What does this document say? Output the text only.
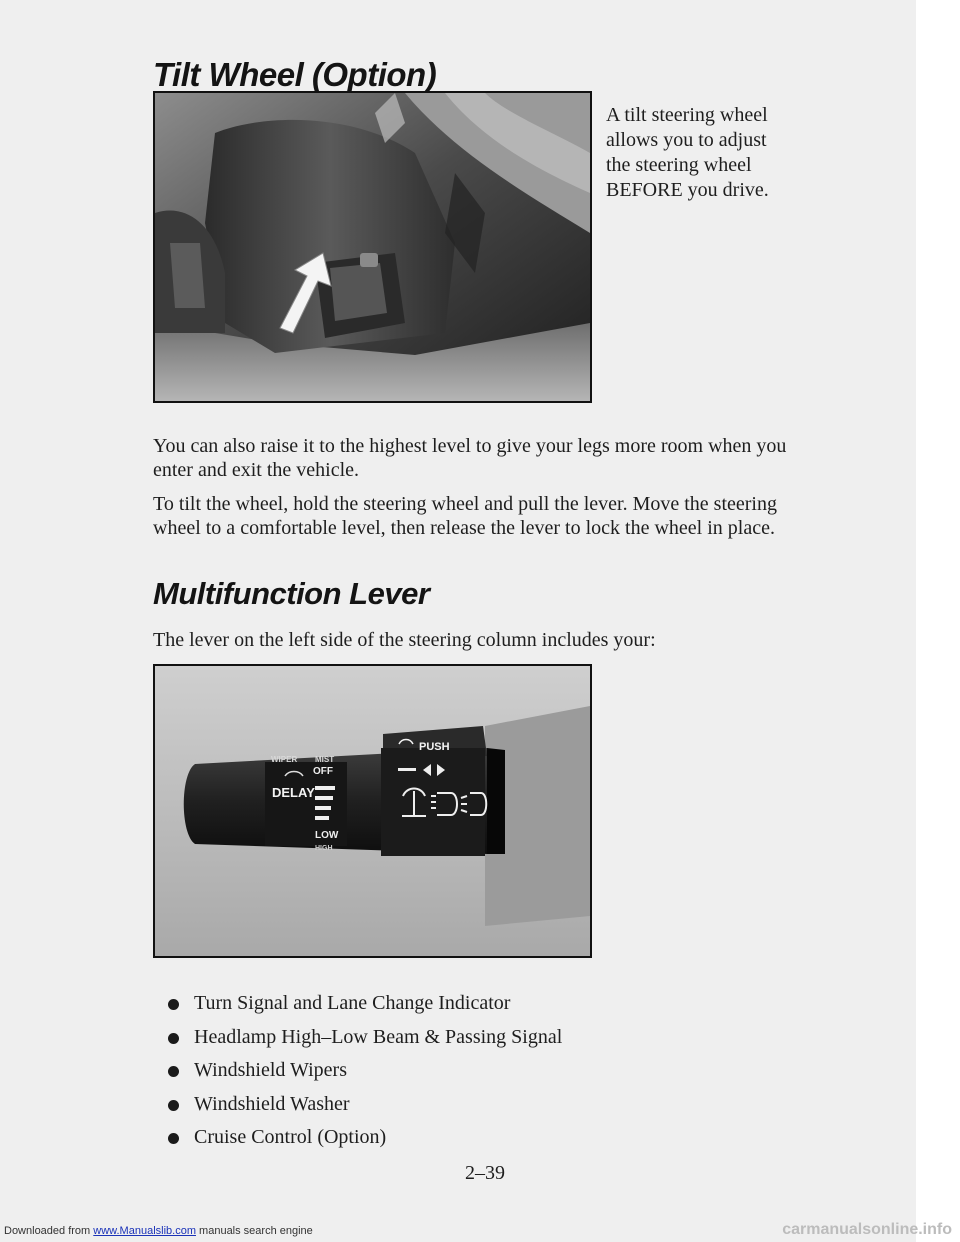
Tilt Wheel (Option)

A tilt steering wheel
allows you to adjust
the steering wheel
BEFORE you drive.

You can also raise it to the highest level to give your legs more room when you enter and exit the vehicle.

To tilt the wheel, hold the steering wheel and pull the lever. Move the steering wheel to a comfortable level, then release the lever to lock the wheel in place.

Multifunction Lever

The lever on the left side of the steering column includes your:

PUSH
WIPER MIST
OFF
DELAY
LOW
HIGH
Turn Signal and Lane Change Indicator
Headlamp High–Low Beam & Passing Signal
Windshield Wipers
Windshield Washer
Cruise Control (Option)

2–39

Downloaded from www.Manualslib.com manuals search engine	carmanualsonline.info
